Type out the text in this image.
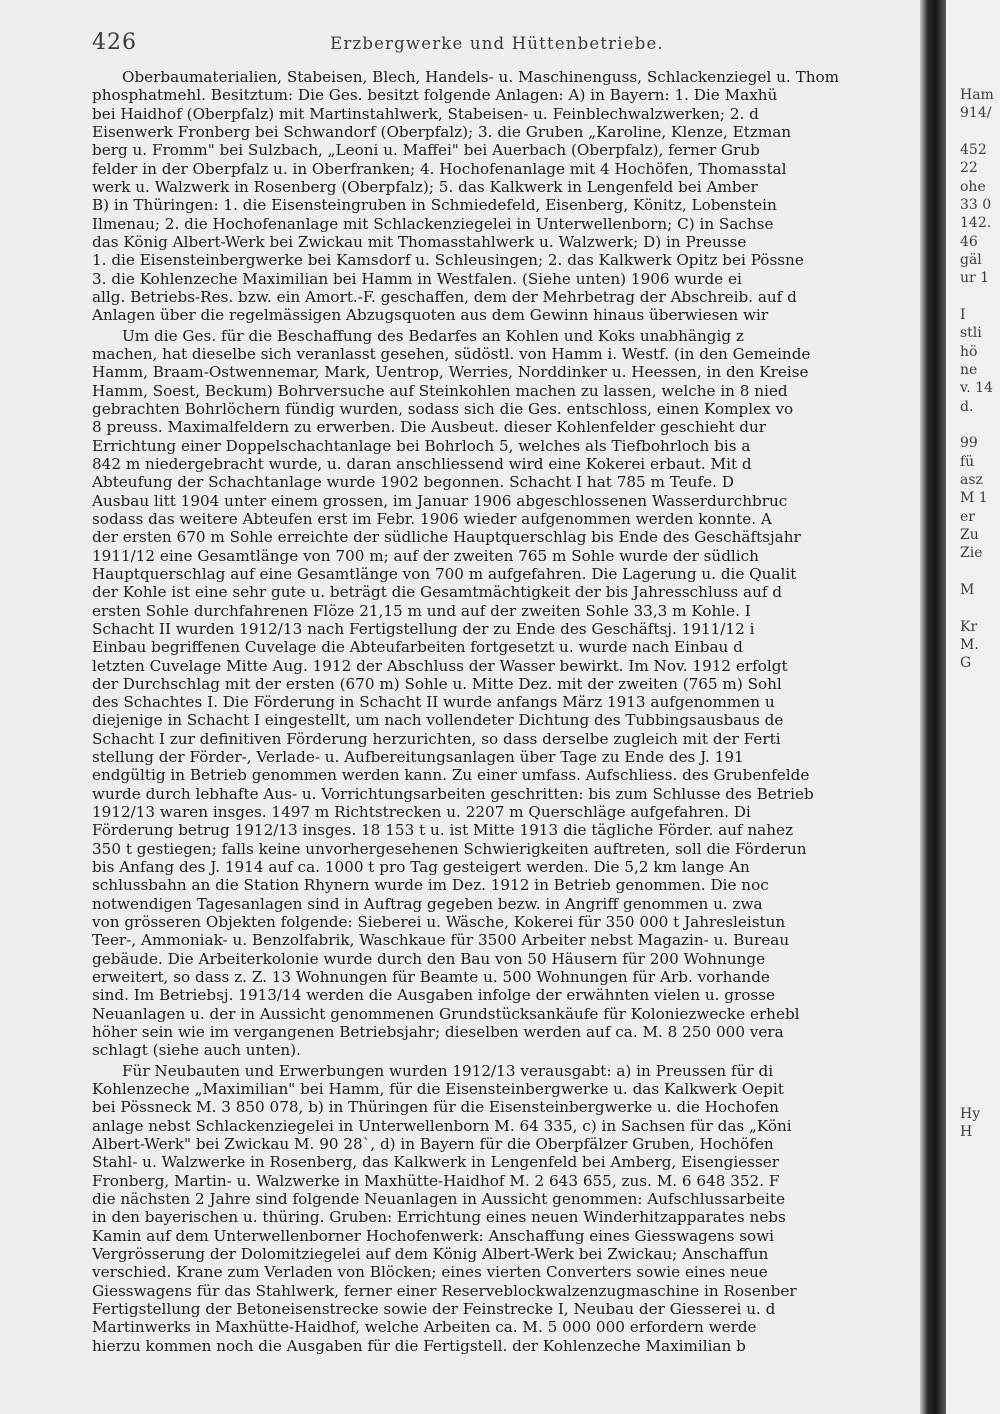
426	Erzbergwerke und Hüttenbetriebe.
Oberbaumaterialien, Stabeisen, Blech, Handels- u. Maschinenguss, Schlackenziegel u. Thom
phosphatmehl. Besitztum: Die Ges. besitzt folgende Anlagen: A) in Bayern: 1. Die Maxhü
bei Haidhof (Oberpfalz) mit Martinstahlwerk, Stabeisen- u. Feinblechwalzwerken; 2. d
Eisenwerk Fronberg bei Schwandorf (Oberpfalz); 3. die Gruben „Karoline, Klenze, Etzman
berg u. Fromm" bei Sulzbach, „Leoni u. Maffei" bei Auerbach (Oberpfalz), ferner Grub
felder in der Oberpfalz u. in Oberfranken; 4. Hochofenanlage mit 4 Hochöfen, Thomasstal
werk u. Walzwerk in Rosenberg (Oberpfalz); 5. das Kalkwerk in Lengenfeld bei Amber
B) in Thüringen: 1. die Eisensteingruben in Schmiedefeld, Eisenberg, Könitz, Lobenstein
Ilmenau; 2. die Hochofenanlage mit Schlackenziegelei in Unterwellenborn; C) in Sachse
das König Albert-Werk bei Zwickau mit Thomasstahlwerk u. Walzwerk; D) in Preusse
1. die Eisensteinbergwerke bei Kamsdorf u. Schleusingen; 2. das Kalkwerk Opitz bei Pössne
3. die Kohlenzeche Maximilian bei Hamm in Westfalen. (Siehe unten) 1906 wurde ei
allg. Betriebs-Res. bzw. ein Amort.-F. geschaffen, dem der Mehrbetrag der Abschreib. auf d
Anlagen über die regelmässigen Abzugsquoten aus dem Gewinn hinaus überwiesen wir
Um die Ges. für die Beschaffung des Bedarfes an Kohlen und Koks unabhängig z
machen, hat dieselbe sich veranlasst gesehen, südöstl. von Hamm i. Westf. (in den Gemeinde
Hamm, Braam-Ostwennemar, Mark, Uentrop, Werries, Norddinker u. Heessen, in den Kreise
Hamm, Soest, Beckum) Bohrversuche auf Steinkohlen machen zu lassen, welche in 8 nied
gebrachten Bohrlöchern fündig wurden, sodass sich die Ges. entschloss, einen Komplex vo
8 preuss. Maximalfeldern zu erwerben. Die Ausbeut. dieser Kohlenfelder geschieht dur
Errichtung einer Doppelschachtanlage bei Bohrloch 5, welches als Tiefbohrloch bis a
842 m niedergebracht wurde, u. daran anschliessend wird eine Kokerei erbaut. Mit d
Abteufung der Schachtanlage wurde 1902 begonnen. Schacht I hat 785 m Teufe. D
Ausbau litt 1904 unter einem grossen, im Januar 1906 abgeschlossenen Wasserdurchbruc
sodass das weitere Abteufen erst im Febr. 1906 wieder aufgenommen werden konnte. A
der ersten 670 m Sohle erreichte der südliche Hauptquerschlag bis Ende des Geschäftsjahr
1911/12 eine Gesamtlänge von 700 m; auf der zweiten 765 m Sohle wurde der südlich
Hauptquerschlag auf eine Gesamtlänge von 700 m aufgefahren. Die Lagerung u. die Qualit
der Kohle ist eine sehr gute u. beträgt die Gesamtmächtigkeit der bis Jahresschluss auf d
ersten Sohle durchfahrenen Flöze 21,15 m und auf der zweiten Sohle 33,3 m Kohle. I
Schacht II wurden 1912/13 nach Fertigstellung der zu Ende des Geschäftsj. 1911/12 i
Einbau begriffenen Cuvelage die Abteufarbeiten fortgesetzt u. wurde nach Einbau d
letzten Cuvelage Mitte Aug. 1912 der Abschluss der Wasser bewirkt. Im Nov. 1912 erfolgt
der Durchschlag mit der ersten (670 m) Sohle u. Mitte Dez. mit der zweiten (765 m) Sohl
des Schachtes I. Die Förderung in Schacht II wurde anfangs März 1913 aufgenommen u
diejenige in Schacht I eingestellt, um nach vollendeter Dichtung des Tubbingsausbaus de
Schacht I zur definitiven Förderung herzurichten, so dass derselbe zugleich mit der Ferti
stellung der Förder-, Verlade- u. Aufbereitungsanlagen über Tage zu Ende des J. 191
endgültig in Betrieb genommen werden kann. Zu einer umfass. Aufschliess. des Grubenfelde
wurde durch lebhafte Aus- u. Vorrichtungsarbeiten geschritten: bis zum Schlusse des Betrieb
1912/13 waren insges. 1497 m Richtstrecken u. 2207 m Querschläge aufgefahren. Di
Förderung betrug 1912/13 insges. 18 153 t u. ist Mitte 1913 die tägliche Förder. auf nahez
350 t gestiegen; falls keine unvorhergesehenen Schwierigkeiten auftreten, soll die Förderun
bis Anfang des J. 1914 auf ca. 1000 t pro Tag gesteigert werden. Die 5,2 km lange An
schlussbahn an die Station Rhynern wurde im Dez. 1912 in Betrieb genommen. Die noc
notwendigen Tagesanlagen sind in Auftrag gegeben bezw. in Angriff genommen u. zwa
von grösseren Objekten folgende: Sieberei u. Wäsche, Kokerei für 350 000 t Jahresleistun
Teer-, Ammoniak- u. Benzolfabrik, Waschkaue für 3500 Arbeiter nebst Magazin- u. Bureau
gebäude. Die Arbeiterkolonie wurde durch den Bau von 50 Häusern für 200 Wohnunge
erweitert, so dass z. Z. 13 Wohnungen für Beamte u. 500 Wohnungen für Arb. vorhande
sind. Im Betriebsj. 1913/14 werden die Ausgaben infolge der erwähnten vielen u. grosse
Neuanlagen u. der in Aussicht genommenen Grundstücksankäufe für Koloniezwecke erhebl
höher sein wie im vergangenen Betriebsjahr; dieselben werden auf ca. M. 8 250 000 vera
schlagt (siehe auch unten).
Für Neubauten und Erwerbungen wurden 1912/13 verausgabt: a) in Preussen für di
Kohlenzeche „Maximilian" bei Hamm, für die Eisensteinbergwerke u. das Kalkwerk Oepit
bei Pössneck M. 3 850 078, b) in Thüringen für die Eisensteinbergwerke u. die Hochofen
anlage nebst Schlackenziegelei in Unterwellenborn M. 64 335, c) in Sachsen für das „Köni
Albert-Werk" bei Zwickau M. 90 28`, d) in Bayern für die Oberpfälzer Gruben, Hochöfen
Stahl- u. Walzwerke in Rosenberg, das Kalkwerk in Lengenfeld bei Amberg, Eisengiesser
Fronberg, Martin- u. Walzwerke in Maxhütte-Haidhof M. 2 643 655, zus. M. 6 648 352. F
die nächsten 2 Jahre sind folgende Neuanlagen in Aussicht genommen: Aufschlussarbeite
in den bayerischen u. thüring. Gruben: Errichtung eines neuen Winderhitzapparates nebs
Kamin auf dem Unterwellenborner Hochofenwerk: Anschaffung eines Giesswagens sowi
Vergrösserung der Dolomitziegelei auf dem König Albert-Werk bei Zwickau; Anschaffun
verschied. Krane zum Verladen von Blöcken; eines vierten Converters sowie eines neue
Giesswagens für das Stahlwerk, ferner einer Reserveblockwalzenzugmaschine in Rosenber
Fertigstellung der Betoneisenstrecke sowie der Feinstrecke I, Neubau der Giesserei u. d
Martinwerks in Maxhütte-Haidhof, welche Arbeiten ca. M. 5 000 000 erfordern werde
hierzu kommen noch die Ausgaben für die Fertigstell. der Kohlenzeche Maximilian b
Ham
914/
452
22
ohe
33 0
142.
46
gäl
ur 1
I
stli
hö
ne
v. 14
d.
99
fü
asz
M 1
er
Zu
Zie
M
Kr
M.
G
Hy
H
